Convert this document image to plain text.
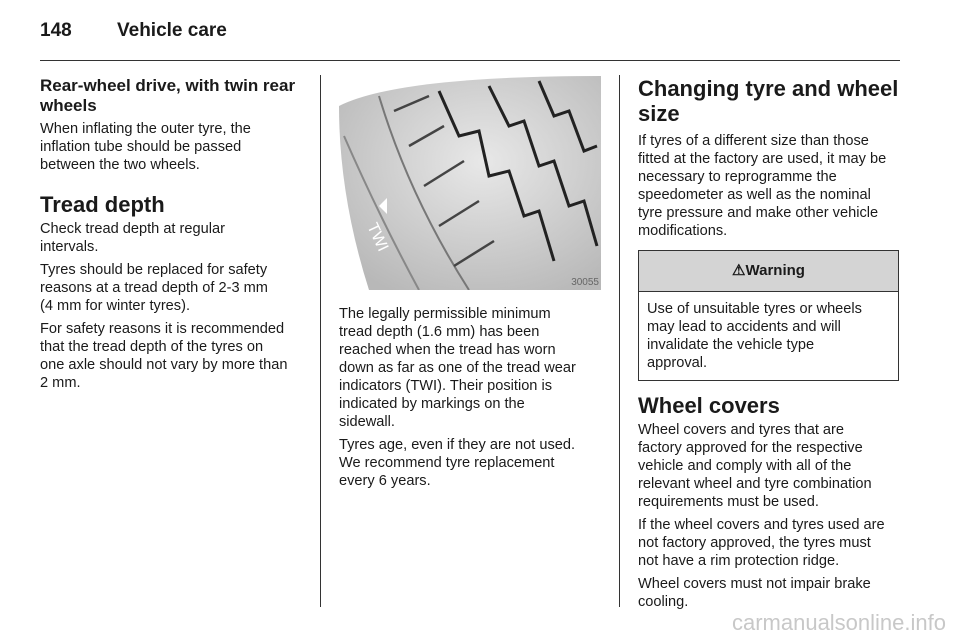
148 Vehicle care
Rear-wheel drive, with twin rear
wheels

When inflating the outer tyre, the
inflation tube should be passed
between the two wheels.

Tread depth

Check tread depth at regular
intervals.

Tyres should be replaced for safety
reasons at a tread depth of 2-3 mm
(4 mm for winter tyres).

For safety reasons it is recommended
that the tread depth of the tyres on
one axle should not vary by more than
2 mm.

TWI
30055

The legally permissible minimum
tread depth (1.6 mm) has been
reached when the tread has worn
down as far as one of the tread wear
indicators (TWI). Their position is
indicated by markings on the
sidewall.

Tyres age, even if they are not used.
We recommend tyre replacement
every 6 years.

Changing tyre and wheel
size

If tyres of a different size than those
fitted at the factory are used, it may be
necessary to reprogramme the
speedometer as well as the nominal
tyre pressure and make other vehicle
modifications.

⚠Warning
Use of unsuitable tyres or wheels
may lead to accidents and will
invalidate the vehicle type
approval.
Wheel covers

Wheel covers and tyres that are
factory approved for the respective
vehicle and comply with all of the
relevant wheel and tyre combination
requirements must be used.

If the wheel covers and tyres used are
not factory approved, the tyres must
not have a rim protection ridge.

Wheel covers must not impair brake
cooling.

carmanualsonline.info
